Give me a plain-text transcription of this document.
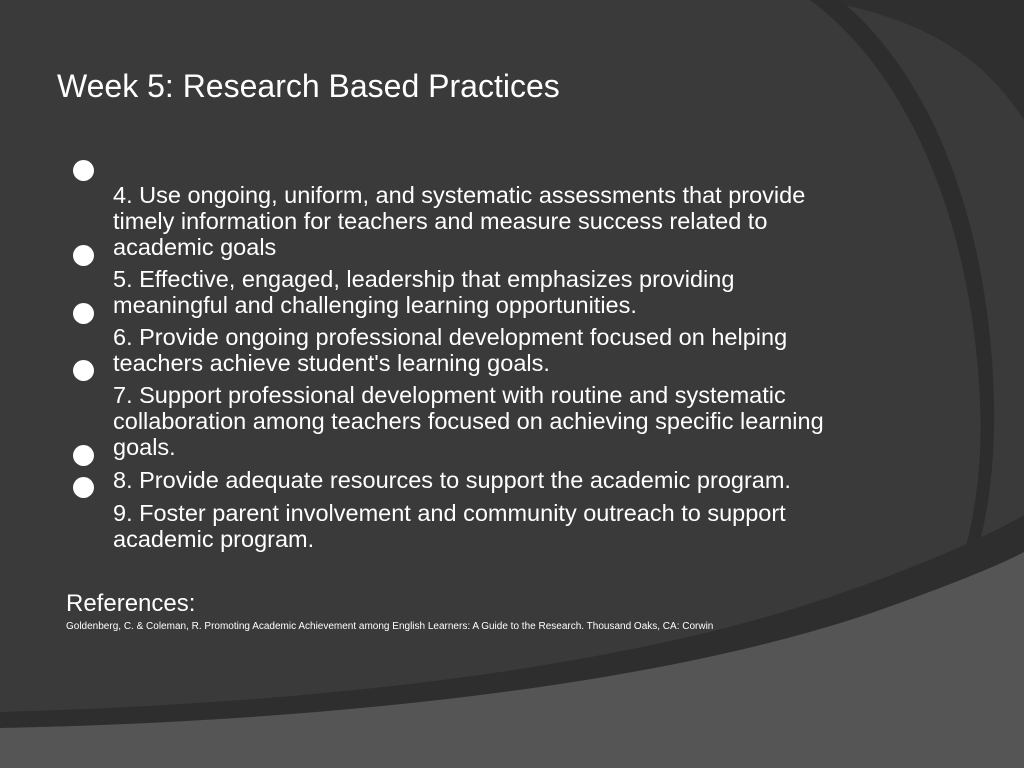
Week 5: Research Based Practices
4. Use ongoing, uniform, and systematic assessments that provide
timely information for teachers and measure success related to
academic goals
5. Effective, engaged, leadership that emphasizes providing
meaningful and challenging learning opportunities.
6. Provide ongoing professional development focused on helping
teachers achieve student's learning goals.
7. Support professional development with routine and systematic
collaboration among teachers focused on achieving specific learning
goals.
8. Provide adequate resources to support the academic program.
9. Foster parent involvement and community outreach to support
academic program.
References:
Goldenberg, C. & Coleman, R. Promoting Academic Achievement among English Learners: A Guide to the Research. Thousand Oaks, CA: Corwin
